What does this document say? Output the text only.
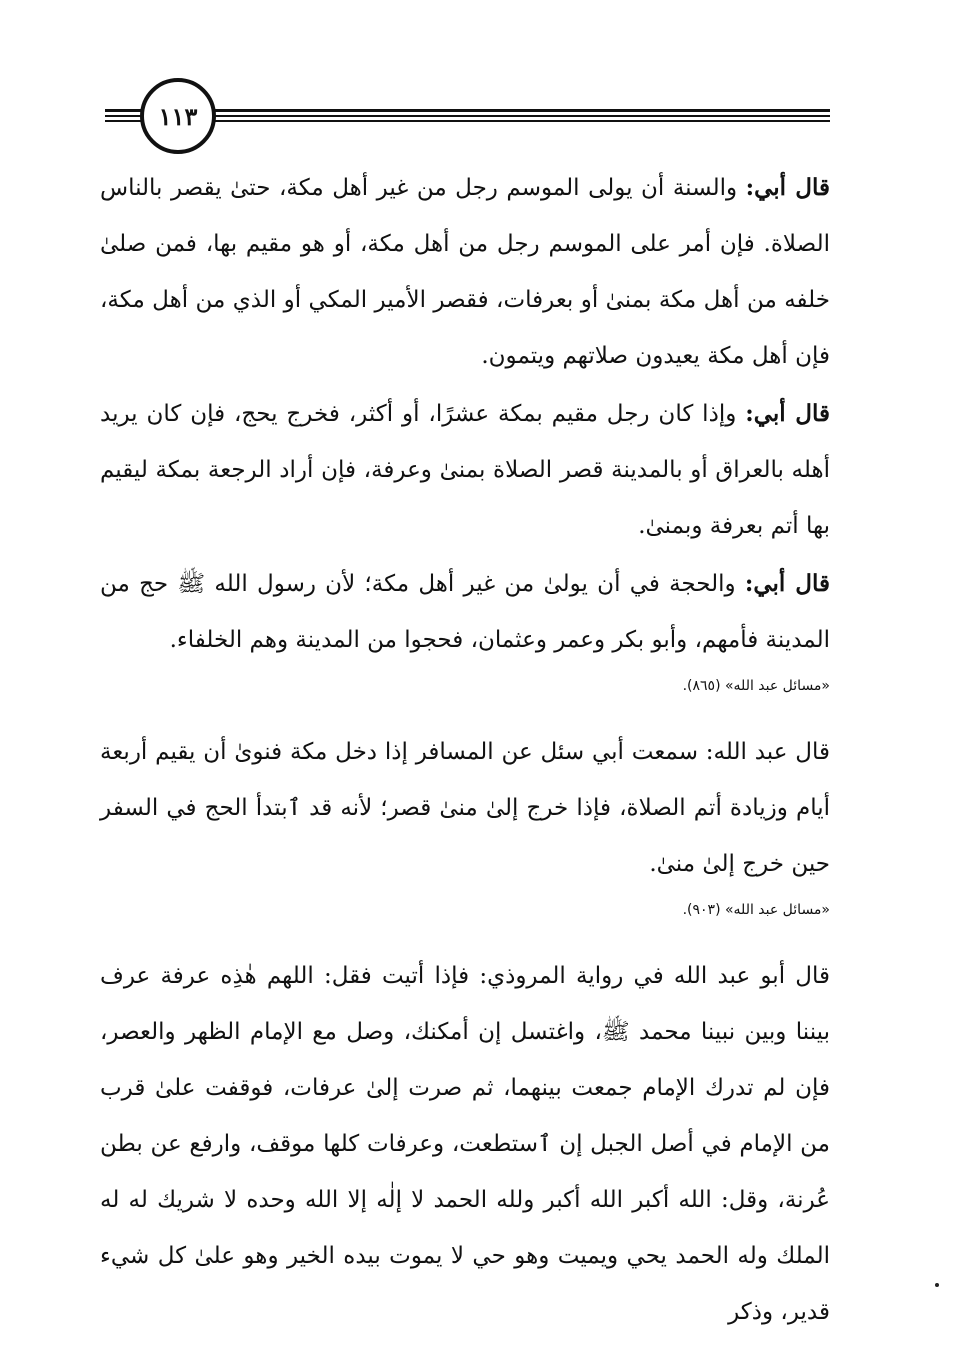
١١٣

قال أبي: والسنة أن يولى الموسم رجل من غير أهل مكة، حتىٰ يقصر بالناس الصلاة. فإن أمر على الموسم رجل من أهل مكة، أو هو مقيم بها، فمن صلىٰ خلفه من أهل مكة بمنىٰ أو بعرفات، فقصر الأمير المكي أو الذي من أهل مكة، فإن أهل مكة يعيدون صلاتهم ويتمون.

قال أبي: وإذا كان رجل مقيم بمكة عشرًا، أو أكثر، فخرج يحج، فإن كان يريد أهله بالعراق أو بالمدينة قصر الصلاة بمنىٰ وعرفة، فإن أراد الرجعة بمكة ليقيم بها أتم بعرفة وبمنىٰ.

قال أبي: والحجة في أن يولىٰ من غير أهل مكة؛ لأن رسول الله ﷺ حج من المدينة فأمهم، وأبو بكر وعمر وعثمان، فحجوا من المدينة وهم الخلفاء.

«مسائل عبد الله» (٨٦٥).

قال عبد الله: سمعت أبي سئل عن المسافر إذا دخل مكة فنوىٰ أن يقيم أربعة أيام وزيادة أتم الصلاة، فإذا خرج إلىٰ منىٰ قصر؛ لأنه قد ٱبتدأ الحج في السفر حين خرج إلىٰ منىٰ.

«مسائل عبد الله» (٩٠٣).

قال أبو عبد الله في رواية المروذي: فإذا أتيت فقل: اللهم هٰذِه عرفة عرف بيننا وبين نبينا محمد ﷺ، واغتسل إن أمكنك، وصل مع الإمام الظهر والعصر، فإن لم تدرك الإمام جمعت بينهما، ثم صرت إلىٰ عرفات، فوقفت علىٰ قرب من الإمام في أصل الجبل إن ٱستطعت، وعرفات كلها موقف، وارفع عن بطن عُرنة، وقل: الله أكبر الله أكبر ولله الحمد لا إلٰه إلا الله وحده لا شريك له له الملك وله الحمد يحي ويميت وهو حي لا يموت بيده الخير وهو علىٰ كل شيء قدير، وذكر
